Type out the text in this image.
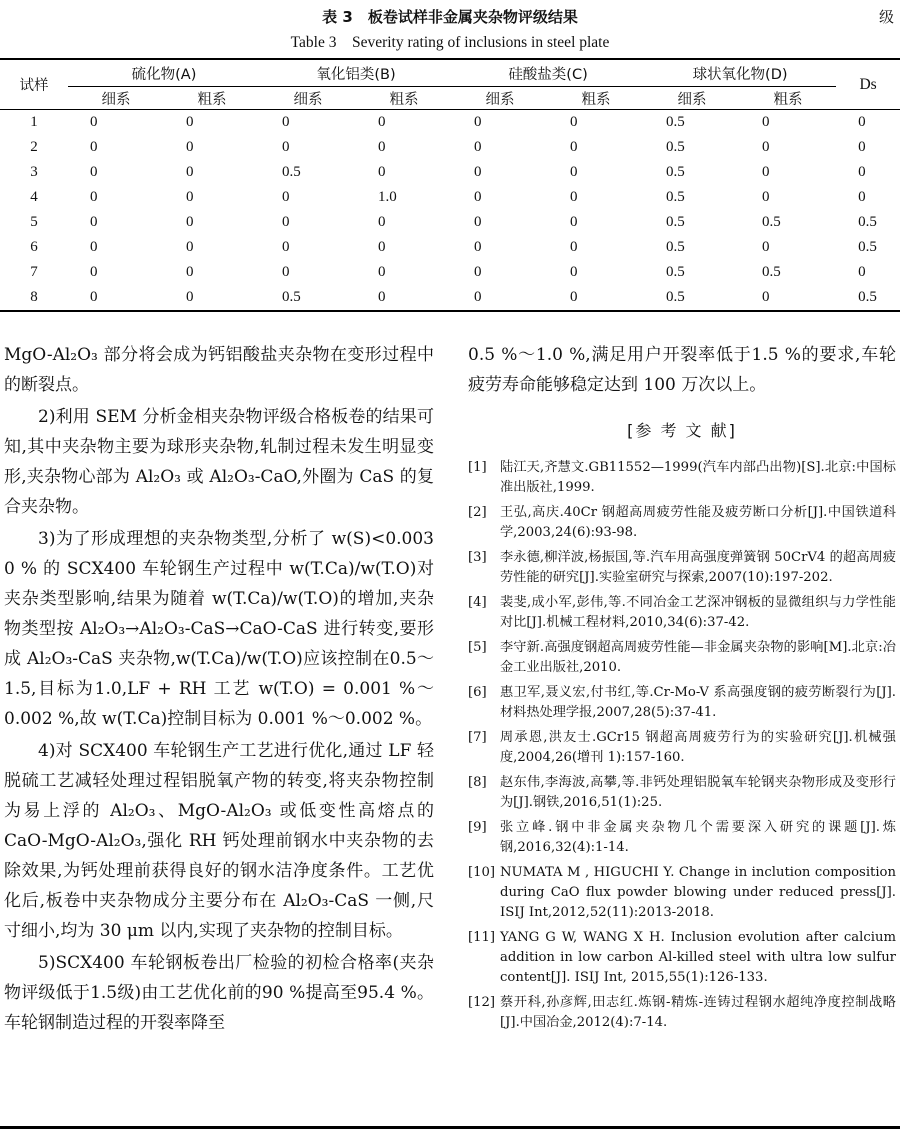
表 3　板卷试样非金属夹杂物评级结果	级
Table 3　Severity rating of inclusions in steel plate
试样	硫化物(A)		氧化铝类(B)		硅酸盐类(C)		球状氧化物(D)		Ds
	细系	粗系	细系	粗系	细系	粗系	细系	粗系	
1	0	0	0	0	0	0	0.5	0	0
2	0	0	0	0	0	0	0.5	0	0
3	0	0	0.5	0	0	0	0.5	0	0
4	0	0	0	1.0	0	0	0.5	0	0
5	0	0	0	0	0	0	0.5	0.5	0.5
6	0	0	0	0	0	0	0.5	0	0.5
7	0	0	0	0	0	0	0.5	0.5	0
8	0	0	0.5	0	0	0	0.5	0	0.5

MgO-Al₂O₃ 部分将会成为钙铝酸盐夹杂物在变形过程中的断裂点。

2)利用 SEM 分析金相夹杂物评级合格板卷的结果可知,其中夹杂物主要为球形夹杂物,轧制过程未发生明显变形,夹杂物心部为 Al₂O₃ 或 Al₂O₃-CaO,外圈为 CaS 的复合夹杂物。

3)为了形成理想的夹杂物类型,分析了 w(S)<0.003 0 % 的 SCX400 车轮钢生产过程中 w(T.Ca)/w(T.O)对夹杂类型影响,结果为随着 w(T.Ca)/w(T.O)的增加,夹杂物类型按 Al₂O₃→Al₂O₃-CaS→CaO-CaS 进行转变,要形成 Al₂O₃-CaS 夹杂物,w(T.Ca)/w(T.O)应该控制在0.5～1.5,目标为1.0,LF + RH 工艺 w(T.O) = 0.001 %～0.002 %,故 w(T.Ca)控制目标为 0.001 %～0.002 %。

4)对 SCX400 车轮钢生产工艺进行优化,通过 LF 轻脱硫工艺减轻处理过程铝脱氧产物的转变,将夹杂物控制为易上浮的 Al₂O₃、MgO-Al₂O₃ 或低变性高熔点的 CaO-MgO-Al₂O₃,强化 RH 钙处理前钢水中夹杂物的去除效果,为钙处理前获得良好的钢水洁净度条件。工艺优化后,板卷中夹杂物成分主要分布在 Al₂O₃-CaS 一侧,尺寸细小,均为 30 μm 以内,实现了夹杂物的控制目标。

5)SCX400 车轮钢板卷出厂检验的初检合格率(夹杂物评级低于1.5级)由工艺优化前的90 %提高至95.4 %。车轮钢制造过程的开裂率降至

0.5 %～1.0 %,满足用户开裂率低于1.5 %的要求,车轮疲劳寿命能够稳定达到 100 万次以上。

[参 考 文 献]
[1]	陆江天,齐慧文.GB11552—1999(汽车内部凸出物)[S].北京:中国标准出版社,1999.
[2]	王弘,高庆.40Cr 钢超高周疲劳性能及疲劳断口分析[J].中国铁道科学,2003,24(6):93-98.
[3]	李永德,柳洋波,杨振国,等.汽车用高强度弹簧钢 50CrV4 的超高周疲劳性能的研究[J].实验室研究与探索,2007(10):197-202.
[4]	裴斐,成小军,彭伟,等.不同冶金工艺深冲钢板的显微组织与力学性能对比[J].机械工程材料,2010,34(6):37-42.
[5]	李守新.高强度钢超高周疲劳性能—非金属夹杂物的影响[M].北京:冶金工业出版社,2010.
[6]	惠卫军,聂义宏,付书红,等.Cr-Mo-V 系高强度钢的疲劳断裂行为[J].材料热处理学报,2007,28(5):37-41.
[7]	周承恩,洪友士.GCr15 钢超高周疲劳行为的实验研究[J].机械强度,2004,26(增刊 1):157-160.
[8]	赵东伟,李海波,高攀,等.非钙处理铝脱氧车轮钢夹杂物形成及变形行为[J].钢铁,2016,51(1):25.
[9]	张立峰.钢中非金属夹杂物几个需要深入研究的课题[J].炼钢,2016,32(4):1-14.
[10] NUMATA M , HIGUCHI Y. Change in inclution composition during CaO flux powder blowing under reduced press[J]. ISIJ Int,2012,52(11):2013-2018.
[11] YANG G W, WANG X H. Inclusion evolution after calcium addition in low carbon Al-killed steel with ultra low sulfur content[J]. ISIJ Int, 2015,55(1):126-133.
[12] 蔡开科,孙彦辉,田志红.炼钢-精炼-连铸过程钢水超纯净度控制战略[J].中国冶金,2012(4):7-14.
